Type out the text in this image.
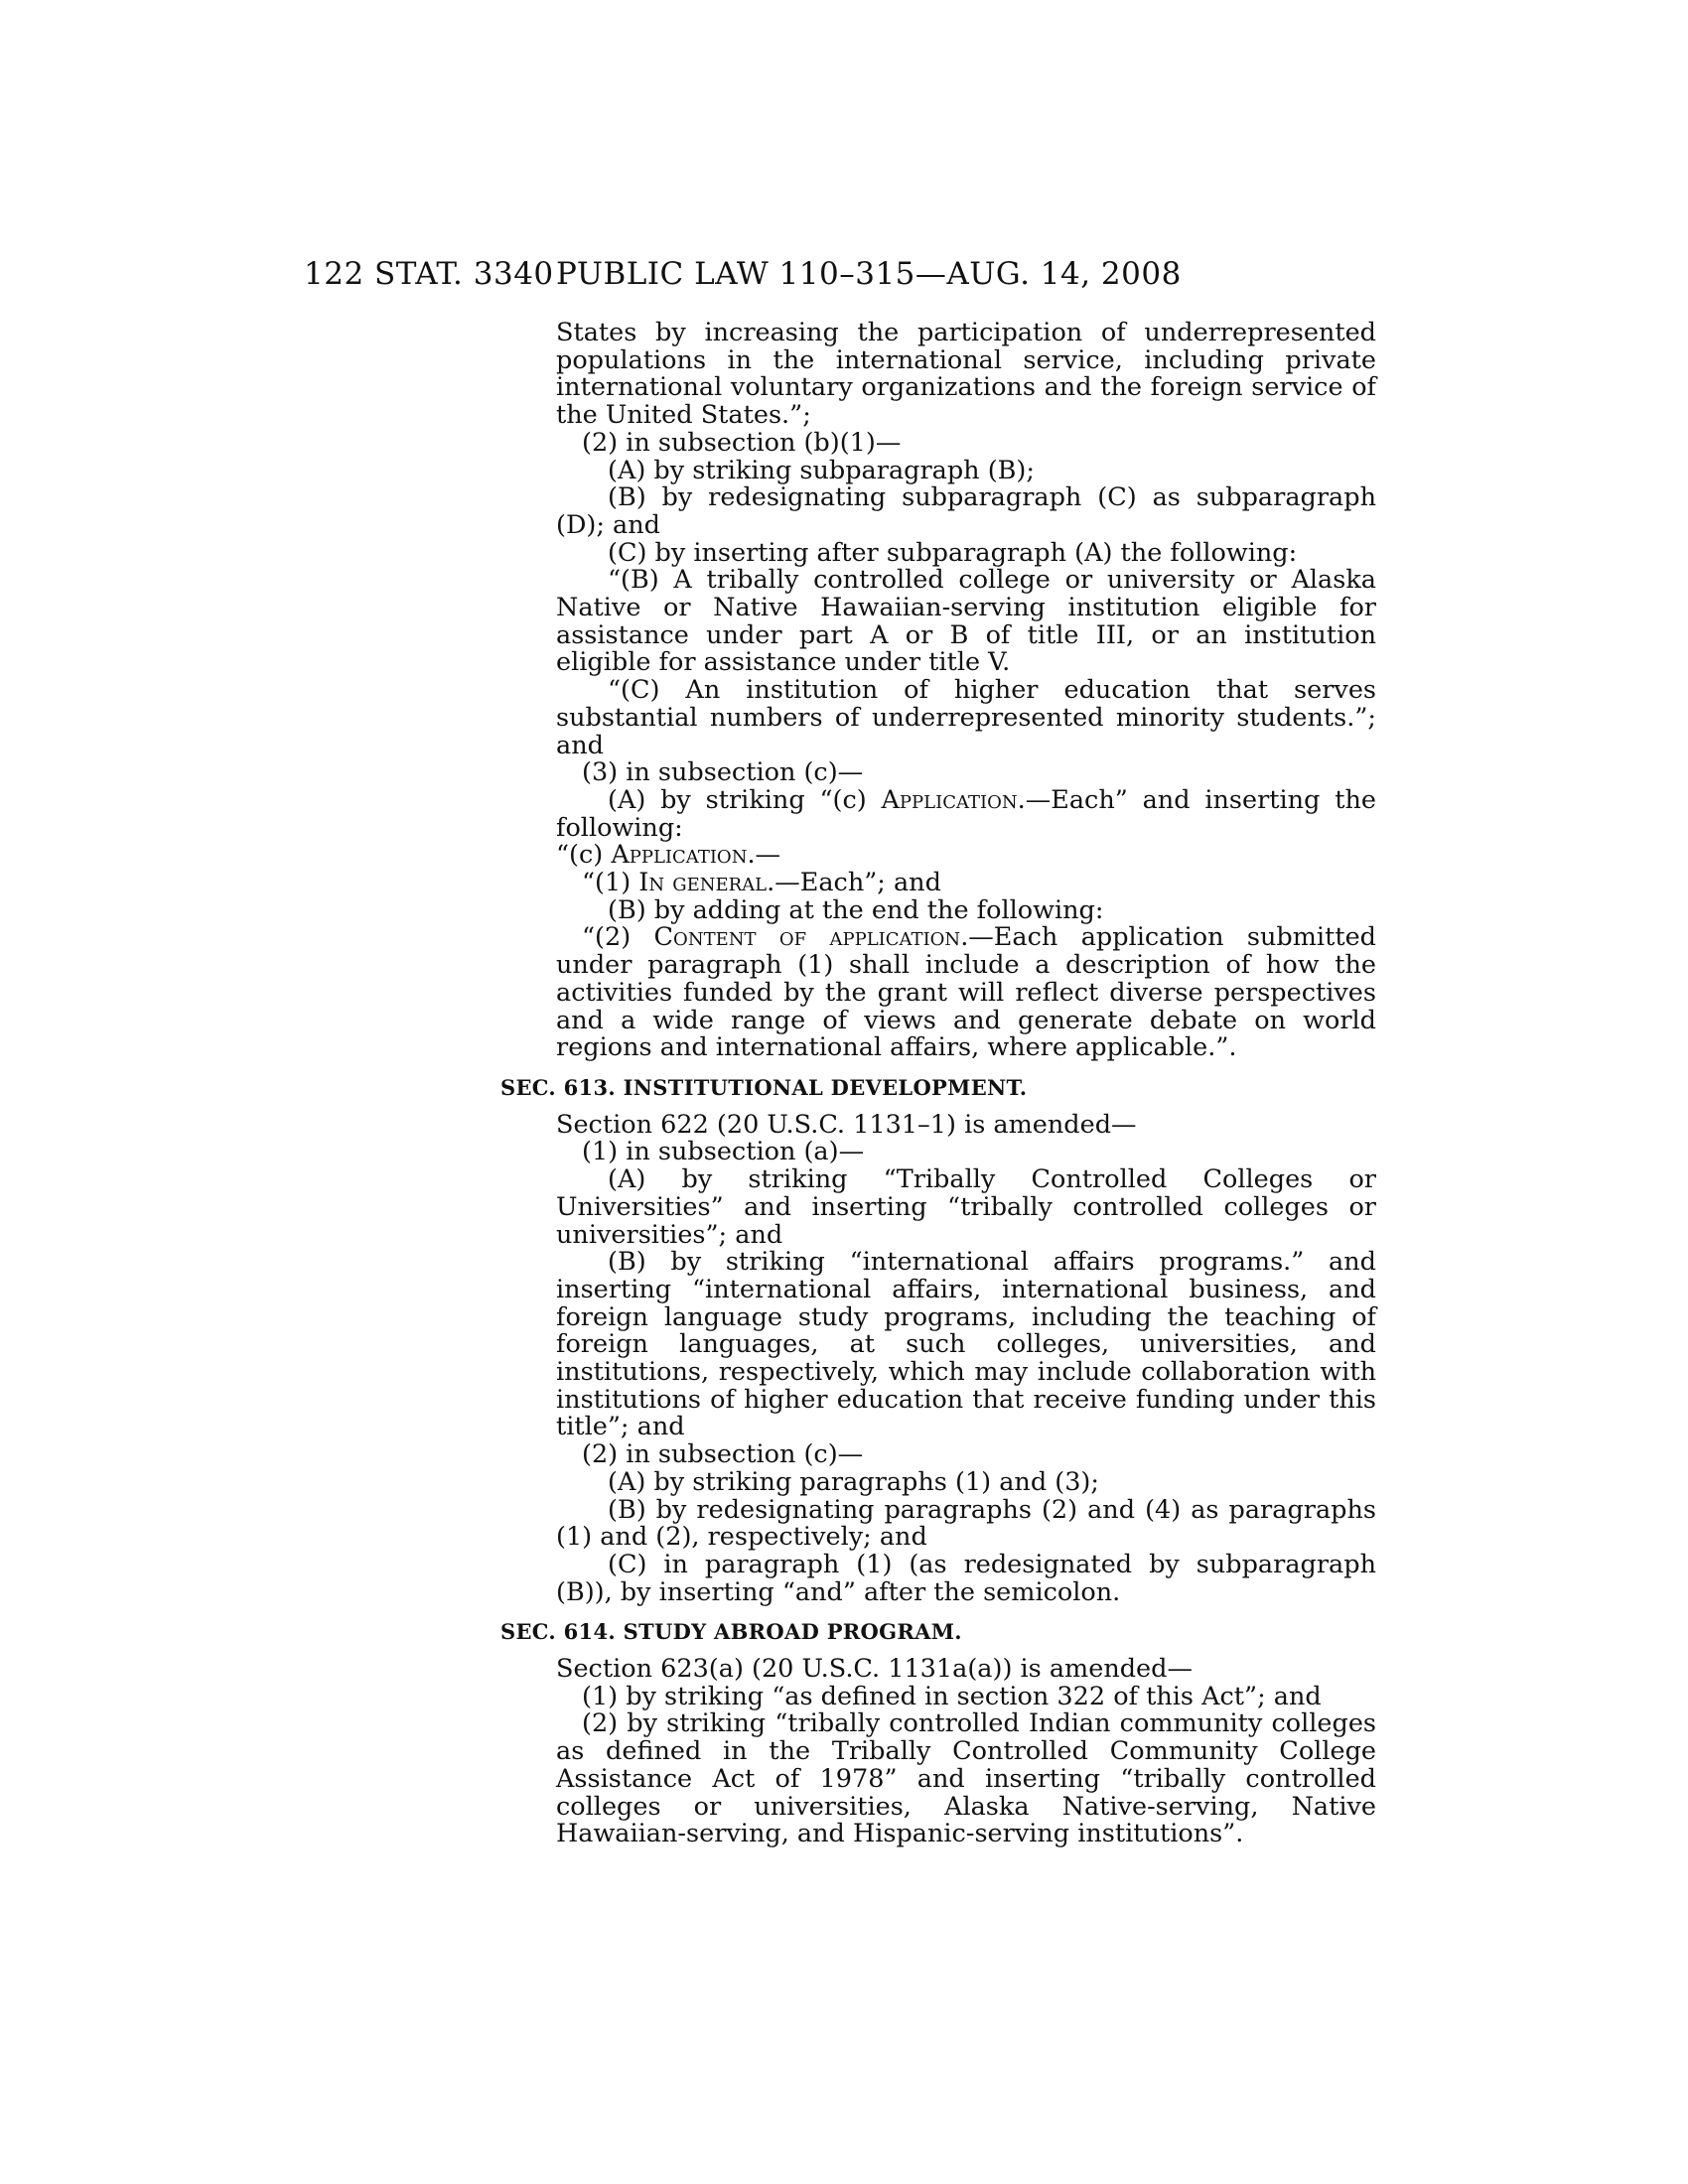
122 STAT. 3340 PUBLIC LAW 110–315—AUG. 14, 2008

States by increasing the participation of underrepresented populations in the international service, including private international voluntary organizations and the foreign service of the United States.”;

(2) in subsection (b)(1)—

(A) by striking subparagraph (B);

(B) by redesignating subparagraph (C) as subparagraph (D); and

(C) by inserting after subparagraph (A) the following:

“(B) A tribally controlled college or university or Alaska Native or Native Hawaiian-serving institution eligible for assistance under part A or B of title III, or an institution eligible for assistance under title V.

“(C) An institution of higher education that serves substantial numbers of underrepresented minority students.”; and

(3) in subsection (c)—

(A) by striking “(c) Application.—Each” and inserting the following:

“(c) Application.—

“(1) In general.—Each”; and

(B) by adding at the end the following:

“(2) Content of application.—Each application submitted under paragraph (1) shall include a description of how the activities funded by the grant will reflect diverse perspectives and a wide range of views and generate debate on world regions and international affairs, where applicable.”.

SEC. 613. INSTITUTIONAL DEVELOPMENT.

Section 622 (20 U.S.C. 1131–1) is amended—

(1) in subsection (a)—

(A) by striking “Tribally Controlled Colleges or Universities” and inserting “tribally controlled colleges or universities”; and

(B) by striking “international affairs programs.” and inserting “international affairs, international business, and foreign language study programs, including the teaching of foreign languages, at such colleges, universities, and institutions, respectively, which may include collaboration with institutions of higher education that receive funding under this title”; and

(2) in subsection (c)—

(A) by striking paragraphs (1) and (3);

(B) by redesignating paragraphs (2) and (4) as paragraphs (1) and (2), respectively; and

(C) in paragraph (1) (as redesignated by subparagraph (B)), by inserting “and” after the semicolon.

SEC. 614. STUDY ABROAD PROGRAM.

Section 623(a) (20 U.S.C. 1131a(a)) is amended—

(1) by striking “as defined in section 322 of this Act”; and

(2) by striking “tribally controlled Indian community colleges as defined in the Tribally Controlled Community College Assistance Act of 1978” and inserting “tribally controlled colleges or universities, Alaska Native-serving, Native Hawaiian-serving, and Hispanic-serving institutions”.
